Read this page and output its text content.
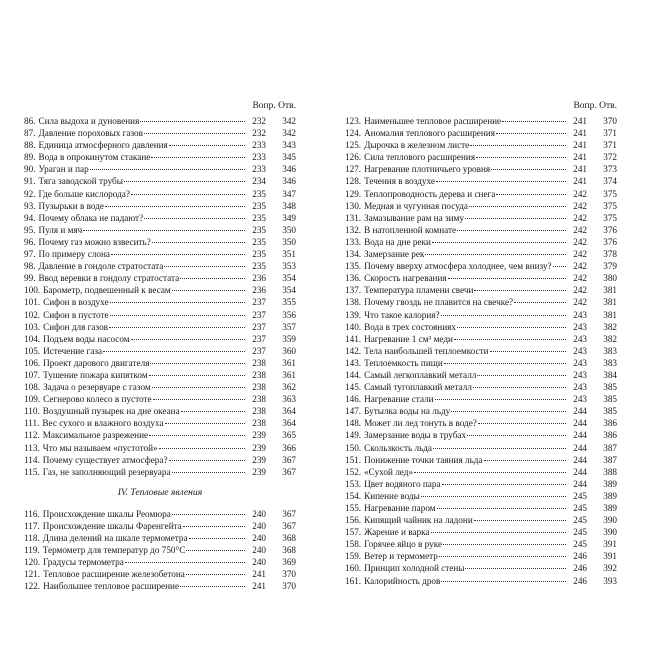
Вопр. Отв.
86. Сила выдоха и дуновения	232	342
87. Давление пороховых газов	232	342
88. Единица атмосферного давления	233	343
89. Вода в опрокинутом стакане	233	345
90. Ураган и пар	233	346
91. Тяга заводской трубы	234	346
92. Где больше кислорода?	235	347
93. Пузырьки в воде	235	348
94. Почему облака не падают?	235	349
95. Пуля и мяч	235	350
96. Почему газ можно взвесить?	235	350
97. По примеру слона	235	351
98. Давление в гондоле стратостата	235	353
99. Ввод веревки в гондолу стратостата	236	354
100. Барометр, подвешенный к весам	236	354
101. Сифон в воздухе	237	355
102. Сифон в пустоте	237	356
103. Сифон для газов	237	357
104. Подъем воды насосом	237	359
105. Истечение газа	237	360
106. Проект дарового двигателя	238	361
107. Тушение пожара кипятком	238	361
108. Задача о резервуаре с газом	238	362
109. Сегнерово колесо в пустоте	238	363
110. Воздушный пузырек на дне океана	238	364
111. Вес сухого и влажного воздуха	238	364
112. Максимальное разрежение	239	365
113. Что мы называем «пустотой»	239	366
114. Почему существует атмосфера?	239	367
115. Газ, не заполняющий резервуара	239	367
IV. Тепловые явления
116. Происхождение шкалы Реомюра	240	367
117. Происхождение шкалы Фаренгейта	240	367
118. Длина делений на шкале термометра	240	368
119. Термометр для температур до 750°С	240	368
120. Градусы термометра	240	369
121. Тепловое расширение железобетона	241	370
122. Наибольшее тепловое расширение	241	370
Вопр. Отв.
123. Наименьшее тепловое расширение	241	370
124. Аномалия теплового расширения	241	371
125. Дырочка в железном листе	241	371
126. Сила теплового расширения	241	372
127. Нагревание плотничьего уровня	241	373
128. Течения в воздухе	241	374
129. Теплопроводность дерева и снега	242	375
130. Медная и чугунная посуда	242	375
131. Замазывание рам на зиму	242	375
132. В натопленной комнате	242	376
133. Вода на дне реки	242	376
134. Замерзание рек	242	378
135. Почему вверху атмосфера холоднее, чем внизу?	242	379
136. Скорость нагревания	242	380
137. Температура пламени свечи	242	381
138. Почему гвоздь не плавится на свечке?	242	381
139. Что такое калория?	243	381
140. Вода в трех состояниях	243	382
141. Нагревание 1 см³ меди	243	382
142. Тела наибольшей теплоемкости	243	383
143. Теплоемкость пищи	243	383
144. Самый легкоплавкий металл	243	384
145. Самый тугоплавкий металл	243	385
146. Нагревание стали	243	385
147. Бутылка воды на льду	244	385
148. Может ли лед тонуть в воде?	244	386
149. Замерзание воды в трубах	244	386
150. Скользкость льда	244	387
151. Понижение точки таяния льда	244	387
152. «Сухой лед»	244	388
153. Цвет водяного пара	244	389
154. Кипение воды	245	389
155. Нагревание паром	245	389
156. Кипящий чайник на ладони	245	390
157. Жарение и варка	245	390
158. Горячее яйцо в руке	245	391
159. Ветер и термометр	246	391
160. Принцип холодной стены	246	392
161. Калорийность дров	246	393
